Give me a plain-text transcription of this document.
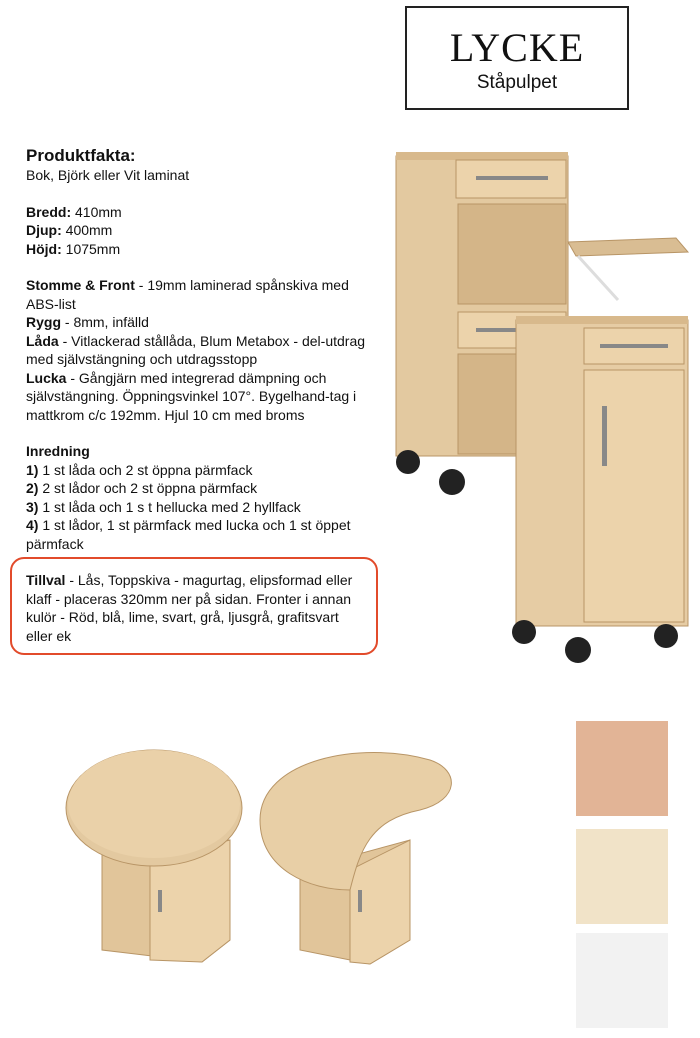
LYCKE
Ståpulpet
Produktfakta:

Bok, Björk eller Vit laminat

Bredd: 410mm

Djup: 400mm

Höjd: 1075mm

Stomme & Front - 19mm laminerad spånskiva med ABS-list

Rygg - 8mm, infälld

Låda - Vitlackerad stållåda, Blum Metabox - del-utdrag med självstängning och utdragsstopp

Lucka - Gångjärn med integrerad dämpning och självstängning. Öppningsvinkel 107°. Bygelhand-tag i mattkrom c/c 192mm. Hjul 10 cm med broms

Inredning

1) 1 st låda och 2 st öppna pärmfack

2) 2 st lådor och 2 st öppna pärmfack

3) 1 st låda och 1 s t hellucka med 2 hyllfack

4) 1 st lådor, 1 st pärmfack med lucka och 1 st öppet pärmfack

Tillval - Lås, Toppskiva - magurtag, elipsformad eller klaff - placeras 320mm ner på sidan. Fronter i annan kulör - Röd, blå, lime, svart, grå, ljusgrå, grafitsvart eller ek
